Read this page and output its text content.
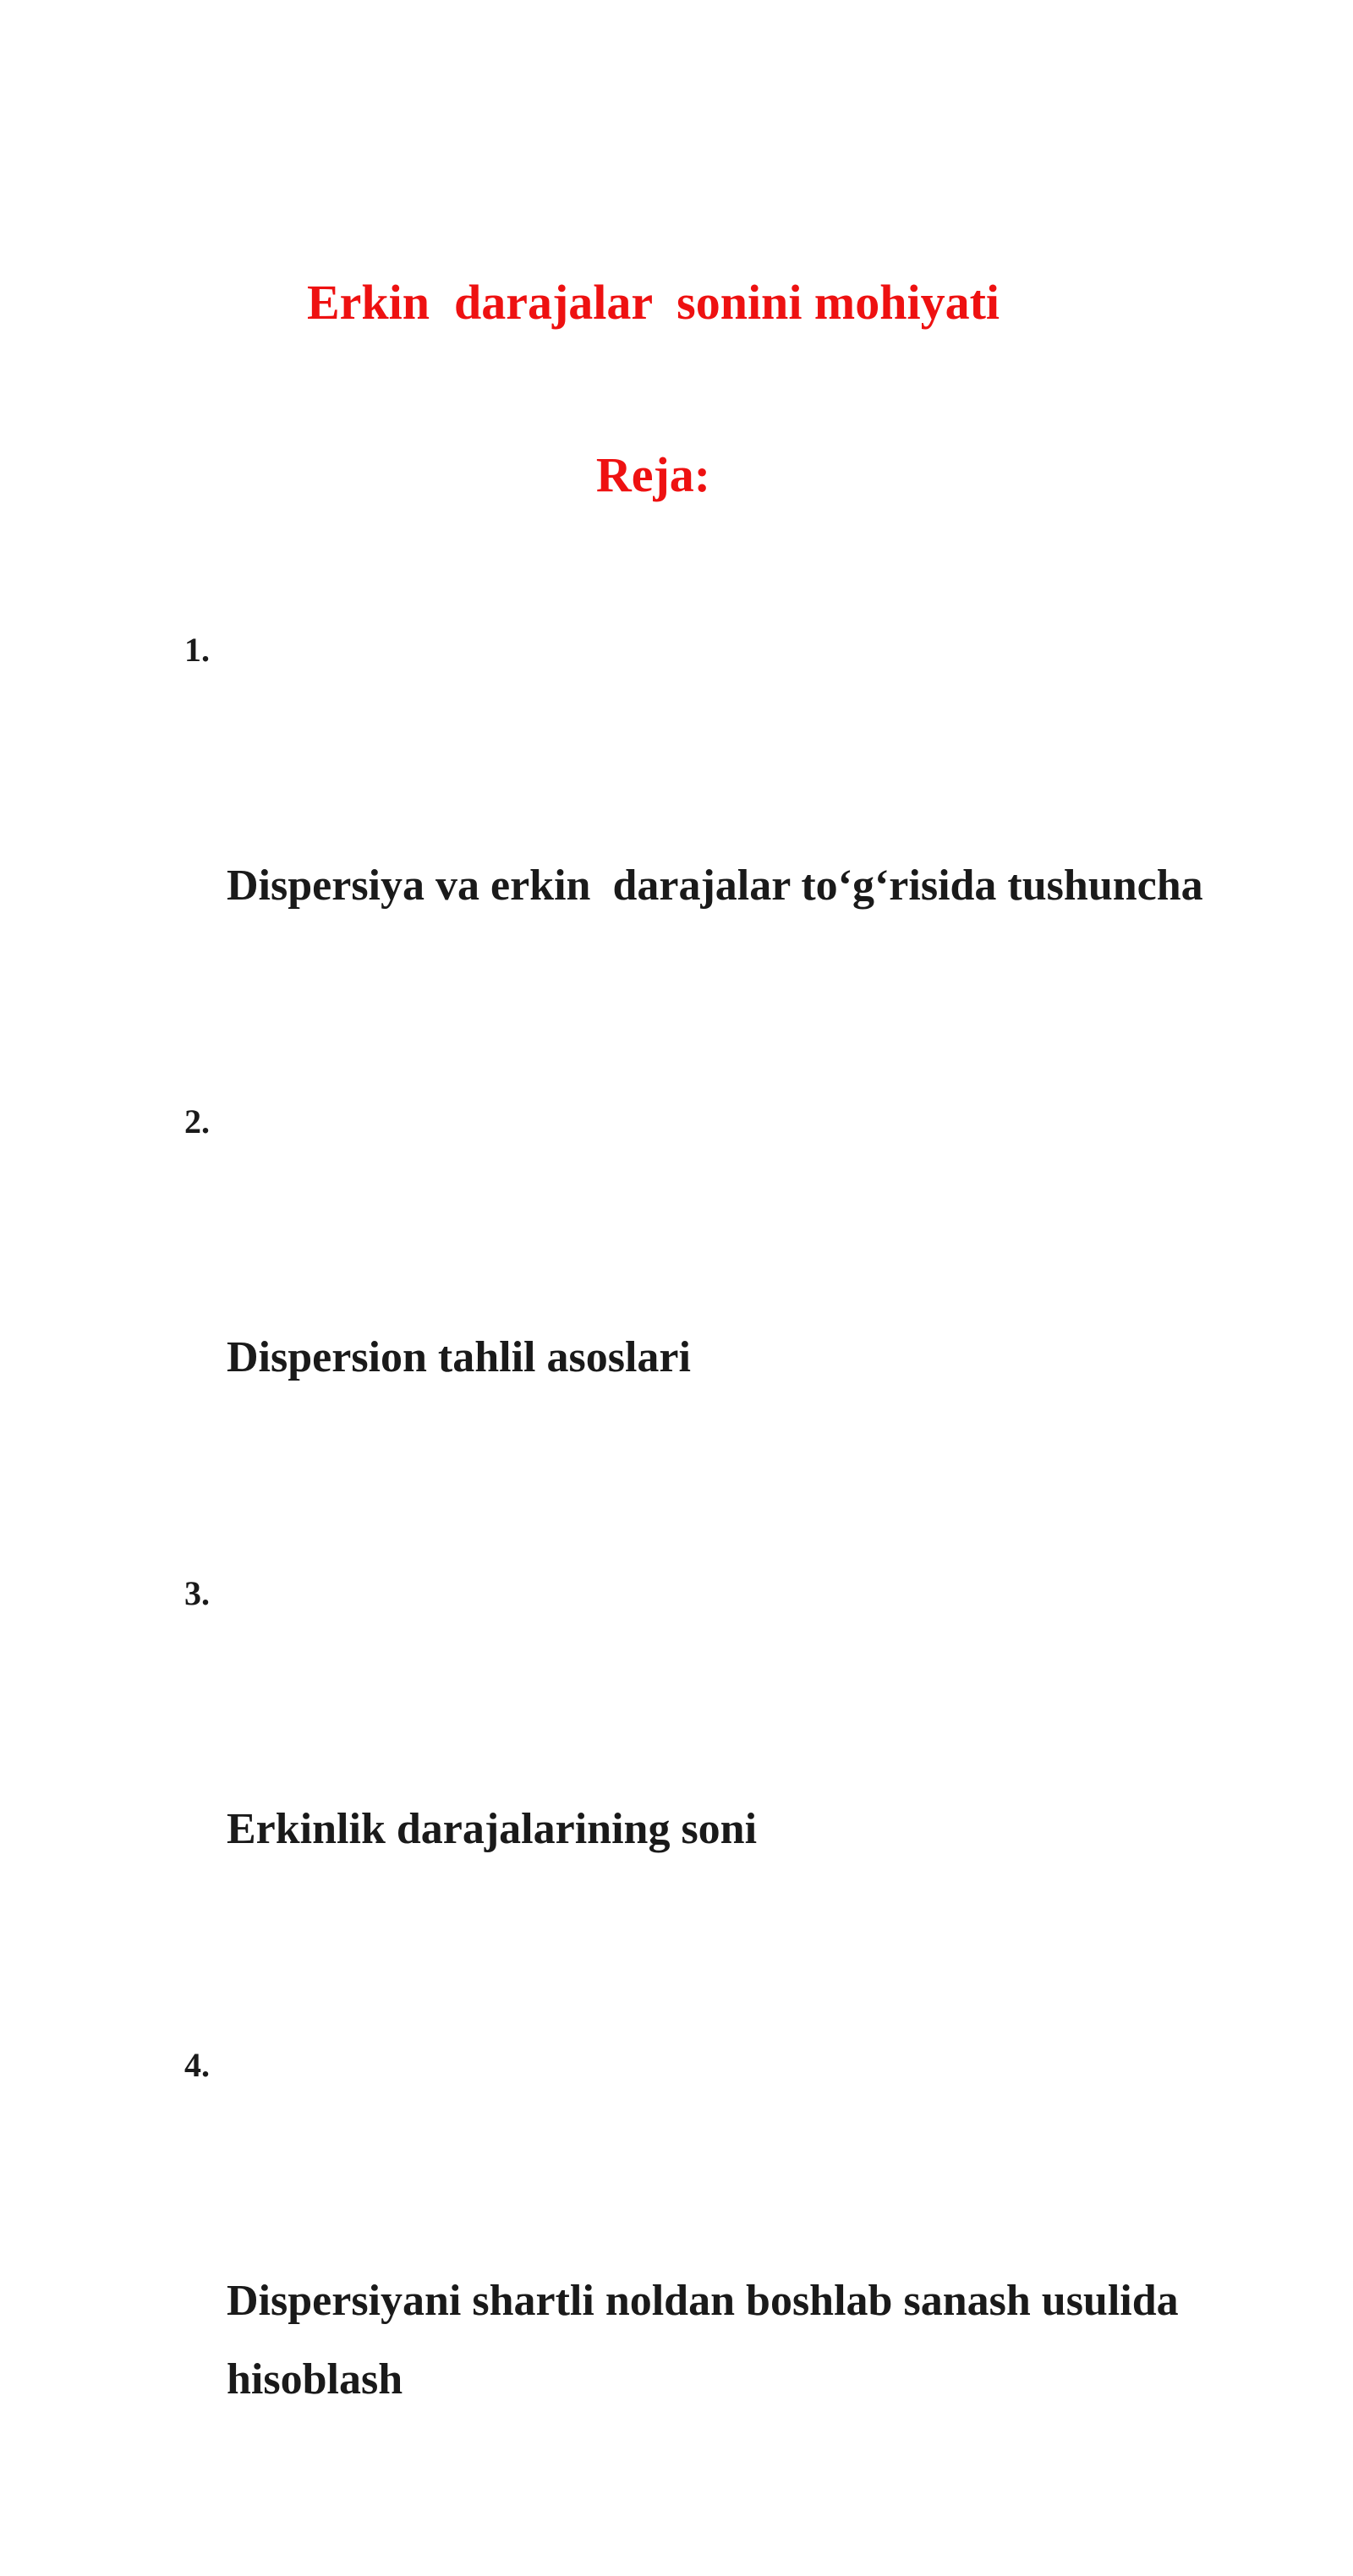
Erkin  darajalar  sonini mohiyati
Reja:

1.

Dispersiya va erkin  darajalar to‘g‘risida tushuncha

2.

Dispersion tahlil asoslari

3.

Erkinlik darajalarining soni

4.

Dispersiyani shartli noldan boshlab sanash usulida hisoblash
